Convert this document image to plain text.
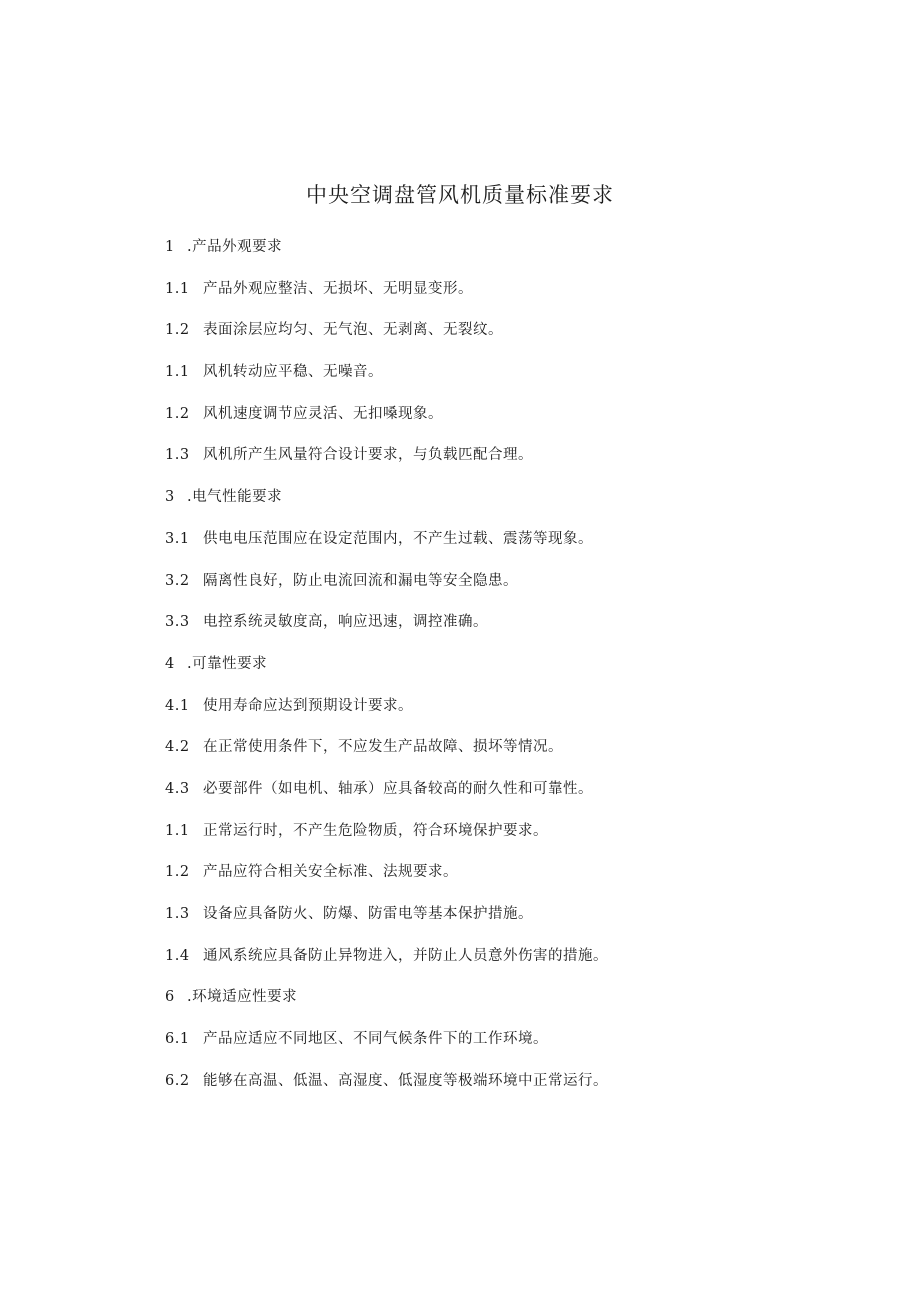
中央空调盘管风机质量标准要求
1 .产品外观要求
1.1 产品外观应整洁、无损坏、无明显变形。
1.2 表面涂层应均匀、无气泡、无剥离、无裂纹。
1.1 风机转动应平稳、无噪音。
1.2 风机速度调节应灵活、无扣嗓现象。
1.3 风机所产生风量符合设计要求，与负载匹配合理。
3 .电气性能要求
3.1 供电电压范围应在设定范围内，不产生过载、震荡等现象。
3.2 隔离性良好，防止电流回流和漏电等安全隐患。
3.3 电控系统灵敏度高，响应迅速，调控准确。
4 .可靠性要求
4.1 使用寿命应达到预期设计要求。
4.2 在正常使用条件下，不应发生产品故障、损坏等情况。
4.3 必要部件（如电机、轴承）应具备较高的耐久性和可靠性。
1.1 正常运行时，不产生危险物质，符合环境保护要求。
1.2 产品应符合相关安全标准、法规要求。
1.3 设备应具备防火、防爆、防雷电等基本保护措施。
1.4 通风系统应具备防止异物进入，并防止人员意外伤害的措施。
6 .环境适应性要求
6.1 产品应适应不同地区、不同气候条件下的工作环境。
6.2 能够在高温、低温、高湿度、低湿度等极端环境中正常运行。
